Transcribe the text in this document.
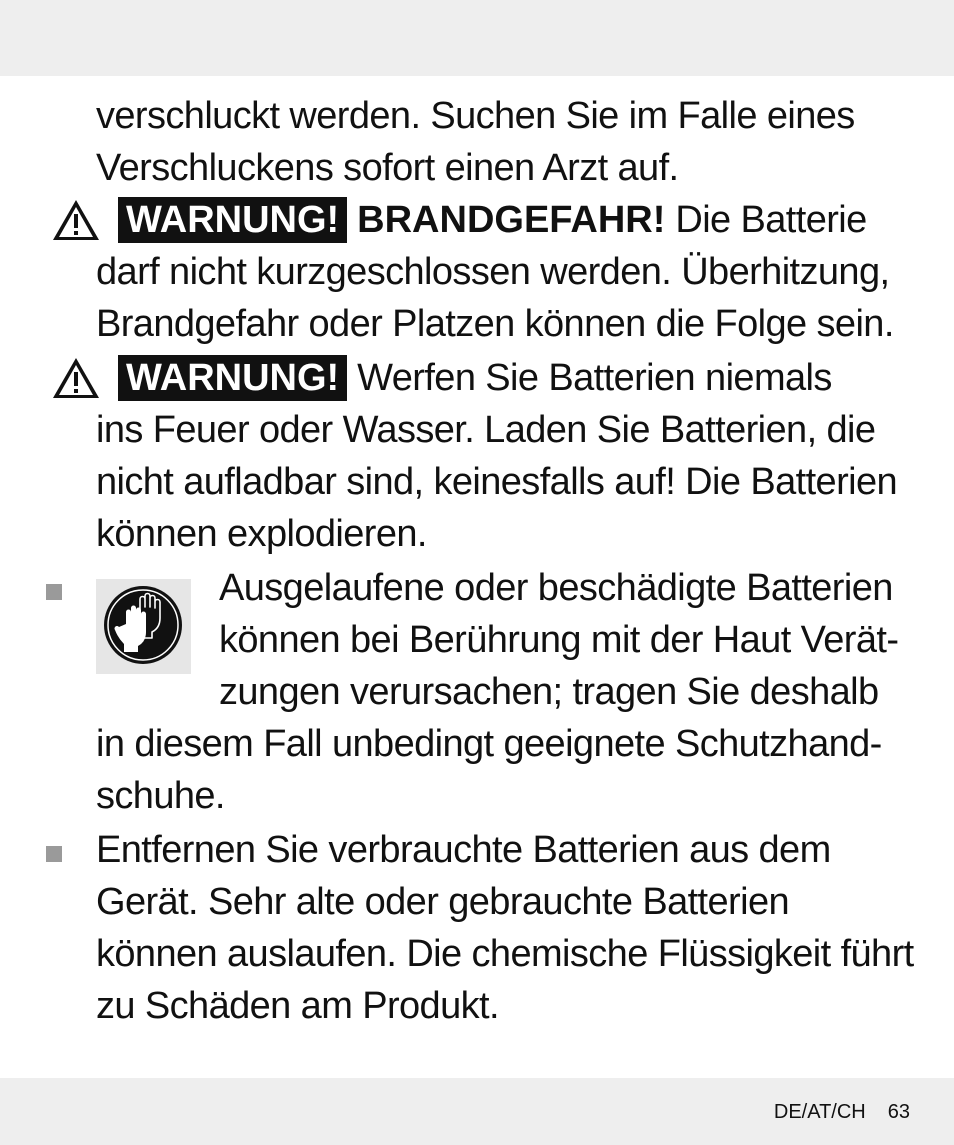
verschluckt werden. Suchen Sie im Falle eines
Verschluckens sofort einen Arzt auf.
WARNUNG! BRANDGEFAHR! Die Batterie
darf nicht kurzgeschlossen werden. Überhitzung,
Brandgefahr oder Platzen können die Folge sein.
WARNUNG! Werfen Sie Batterien niemals
ins Feuer oder Wasser. Laden Sie Batterien, die
nicht aufladbar sind, keinesfalls auf! Die Batterien
können explodieren.
Ausgelaufene oder beschädigte Batterien
können bei Berührung mit der Haut Verät-
zungen verursachen; tragen Sie deshalb
in diesem Fall unbedingt geeignete Schutzhand-
schuhe.
Entfernen Sie verbrauchte Batterien aus dem
Gerät. Sehr alte oder gebrauchte Batterien
können auslaufen. Die chemische Flüssigkeit führt
zu Schäden am Produkt.
DE/AT/CH 63
